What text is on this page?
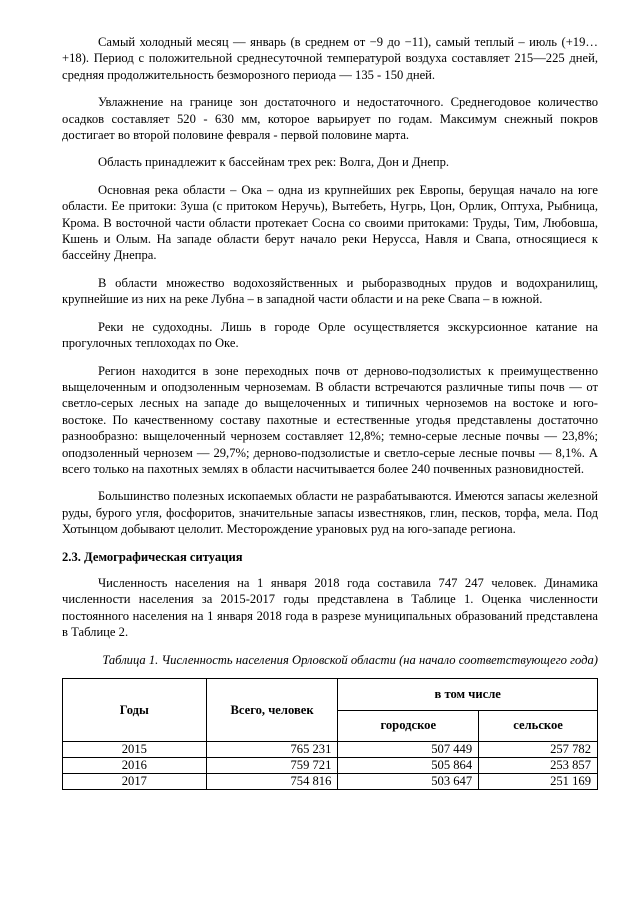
Самый холодный месяц — январь (в среднем от −9 до −11), самый теплый – июль (+19…+18). Период с положительной среднесуточной температурой воздуха составляет 215—225 дней, средняя продолжительность безморозного периода — 135 - 150 дней.

Увлажнение на границе зон достаточного и недостаточного. Среднегодовое количество осадков составляет 520 - 630 мм, которое варьирует по годам. Максимум снежный покров достигает во второй половине февраля - первой половине марта.

Область принадлежит к бассейнам трех рек: Волга, Дон и Днепр.

Основная река области – Ока – одна из крупнейших рек Европы, берущая начало на юге области. Ее притоки: Зуша (с притоком Неручь), Вытебеть, Нугрь, Цон, Орлик, Оптуха, Рыбница, Крома. В восточной части области протекает Сосна со своими притоками: Труды, Тим, Любовша, Кшень и Олым. На западе области берут начало реки Нерусса, Навля и Свапа, относящиеся к бассейну Днепра.

В области множество водохозяйственных и рыборазводных прудов и водохранилищ, крупнейшие из них на реке Лубна – в западной части области и на реке Свапа – в южной.

Реки не судоходны. Лишь в городе Орле осуществляется экскурсионное катание на прогулочных теплоходах по Оке.

Регион находится в зоне переходных почв от дерново-подзолистых к преимущественно выщелоченным и оподзоленным черноземам. В области встречаются различные типы почв — от светло-серых лесных на западе до выщелоченных и типичных черноземов на востоке и юго-востоке. По качественному составу пахотные и естественные угодья представлены достаточно разнообразно: выщелоченный чернозем составляет 12,8%; темно-серые лесные почвы — 23,8%; оподзоленный чернозем — 29,7%; дерново-подзолистые и светло-серые лесные почвы — 8,1%. А всего только на пахотных землях в области насчитывается более 240 почвенных разновидностей.

Большинство полезных ископаемых области не разрабатываются. Имеются запасы железной руды, бурого угля, фосфоритов, значительные запасы известняков, глин, песков, торфа, мела. Под Хотынцом добывают целолит. Месторождение урановых руд на юго-западе региона.

2.3. Демографическая ситуация

Численность населения на 1 января 2018 года составила 747 247 человек. Динамика численности населения за 2015-2017 годы представлена в Таблице 1. Оценка численности постоянного населения на 1 января 2018 года в разрезе муниципальных образований представлена в Таблице 2.

Таблица 1. Численность населения Орловской области (на начало соответствующего года)
Годы	Всего, человек	в том числе	
		городское	сельское
2015	765 231	507 449	257 782
2016	759 721	505 864	253 857
2017	754 816	503 647	251 169
